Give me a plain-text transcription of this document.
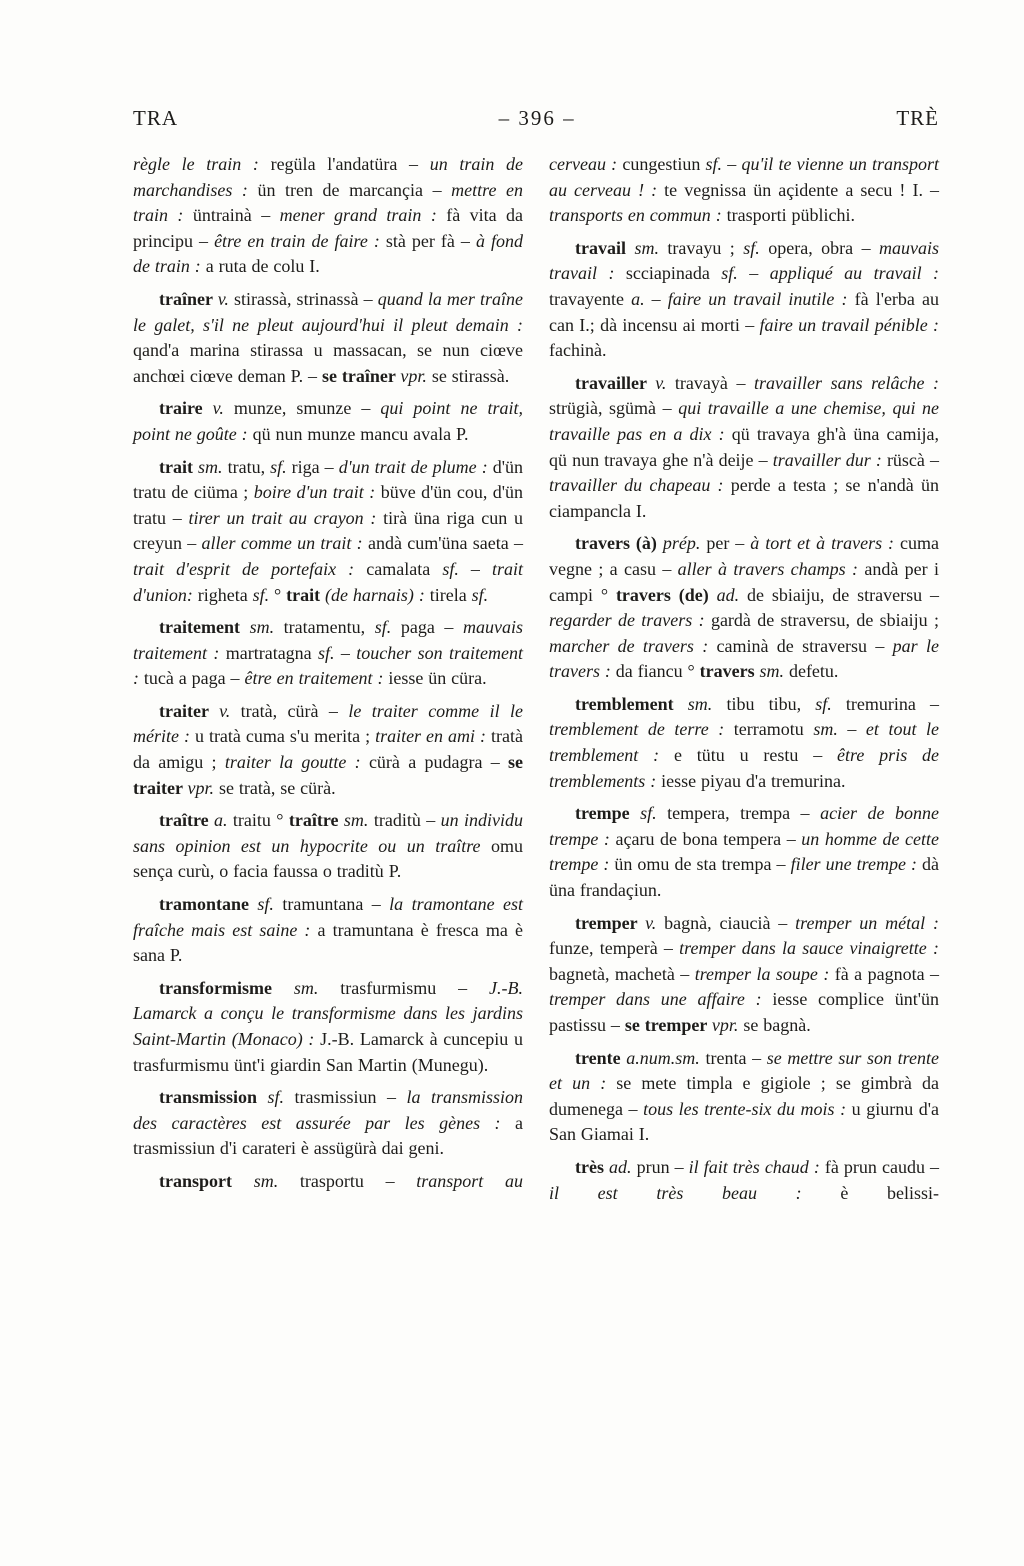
TRA	– 396 –	TRÈ

règle le train : regüla l'andatüra – un train de marchandises : ün tren de marcançia – mettre en train : üntrainà – mener grand train : fà vita da principu – être en train de faire : stà per fà – à fond de train : a ruta de colu I.

traîner v. stirassà, strinassà – quand la mer traîne le galet, s'il ne pleut aujourd'hui il pleut demain : qand'a marina stirassa u massacan, se nun ciœve anchœi ciœve deman P. – se traîner vpr. se stirassà.

traire v. munze, smunze – qui point ne trait, point ne goûte : qü nun munze mancu avala P.

trait sm. tratu, sf. riga – d'un trait de plume : d'ün tratu de ciüma ; boire d'un trait : büve d'ün cou, d'ün tratu – tirer un trait au crayon : tirà üna riga cun u creyun – aller comme un trait : andà cum'üna saeta – trait d'esprit de portefaix : camalata sf. – trait d'union: righeta sf. ° trait (de harnais) : tirela sf.

traitement sm. tratamentu, sf. paga – mauvais traitement : martratagna sf. – toucher son traitement : tucà a paga – être en traitement : iesse ün cüra.

traiter v. tratà, cürà – le traiter comme il le mérite : u tratà cuma s'u merita ; traiter en ami : tratà da amigu ; traiter la goutte : cürà a pudagra – se traiter vpr. se tratà, se cürà.

traître a. traitu ° traître sm. traditù – un individu sans opinion est un hypocrite ou un traître omu sença curù, o facia faussa o traditù P.

tramontane sf. tramuntana – la tramontane est fraîche mais est saine : a tramuntana è fresca ma è sana P.

transformisme sm. trasfurmismu – J.-B. Lamarck a conçu le transformisme dans les jardins Saint-Martin (Monaco) : J.-B. Lamarck à cuncepiu u trasfurmismu ünt'i giardin San Martin (Munegu).

transmission sf. trasmissiun – la transmission des caractères est assurée par les gènes : a trasmissiun d'i carateri è assügürà dai geni.

transport sm. trasportu – transport au

cerveau : cungestiun sf. – qu'il te vienne un transport au cerveau ! : te vegnissa ün açidente a secu ! I. – transports en commun : trasporti püblichi.

travail sm. travayu ; sf. opera, obra – mauvais travail : scciapinada sf. – appliqué au travail : travayente a. – faire un travail inutile : fà l'erba au can I.; dà incensu ai morti – faire un travail pénible : fachinà.

travailler v. travayà – travailler sans relâche : strügià, sgümà – qui travaille a une chemise, qui ne travaille pas en a dix : qü travaya gh'à üna camija, qü nun travaya ghe n'à deije – travailler dur : rüscà – travailler du chapeau : perde a testa ; se n'andà ün ciampancla I.

travers (à) prép. per – à tort et à travers : cuma vegne ; a casu – aller à travers champs : andà per i campi ° travers (de) ad. de sbiaiju, de straversu – regarder de travers : gardà de straversu, de sbiaiju ; marcher de travers : caminà de straversu – par le travers : da fiancu ° travers sm. defetu.

tremblement sm. tibu tibu, sf. tremurina – tremblement de terre : terramotu sm. – et tout le tremblement : e tütu u restu – être pris de tremblements : iesse piyau d'a tremurina.

trempe sf. tempera, trempa – acier de bonne trempe : açaru de bona tempera – un homme de cette trempe : ün omu de sta trempa – filer une trempe : dà üna frandaçiun.

tremper v. bagnà, ciaucià – tremper un métal : funze, temperà – tremper dans la sauce vinaigrette : bagnetà, machetà – tremper la soupe : fà a pagnota – tremper dans une affaire : iesse complice ünt'ün pastissu – se tremper vpr. se bagnà.

trente a.num.sm. trenta – se mettre sur son trente et un : se mete timpla e gigiole ; se gimbrà da dumenega – tous les trente-six du mois : u giurnu d'a San Giamai I.

très ad. prun – il fait très chaud : fà prun caudu – il est très beau : è belissi-
